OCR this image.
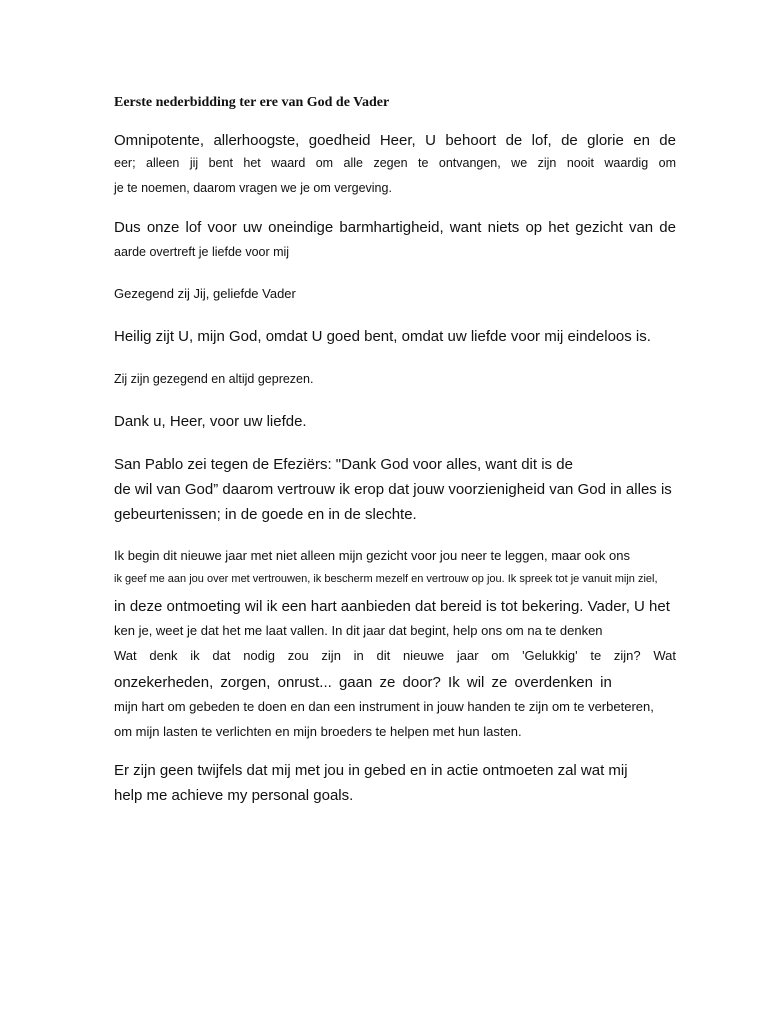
Eerste nederbidding ter ere van God de Vader
Omnipotente, allerhoogste, goedheid Heer, U behoort de lof, de glorie en de
eer; alleen jij bent het waard om alle zegen te ontvangen, we zijn nooit waardig om
je te noemen, daarom vragen we je om vergeving.
Dus onze lof voor uw oneindige barmhartigheid, want niets op het gezicht van de
aarde overtreft je liefde voor mij
Gezegend zij Jij, geliefde Vader
Heilig zijt U, mijn God, omdat U goed bent, omdat uw liefde voor mij eindeloos is.
Zij zijn gezegend en altijd geprezen.
Dank u, Heer, voor uw liefde.
San Pablo zei tegen de Efeziërs: "Dank God voor alles, want dit is de
de wil van God” daarom vertrouw ik erop dat jouw voorzienigheid van God in alles is
gebeurtenissen; in de goede en in de slechte.
Ik begin dit nieuwe jaar met niet alleen mijn gezicht voor jou neer te leggen, maar ook ons
ik geef me aan jou over met vertrouwen, ik bescherm mezelf en vertrouw op jou. Ik spreek tot je vanuit mijn ziel,
in deze ontmoeting wil ik een hart aanbieden dat bereid is tot bekering. Vader, U het
ken je, weet je dat het me laat vallen. In dit jaar dat begint, help ons om na te denken
Wat denk ik dat nodig zou zijn in dit nieuwe jaar om 'Gelukkig' te zijn? Wat
onzekerheden, zorgen, onrust... gaan ze door? Ik wil ze overdenken in
mijn hart om gebeden te doen en dan een instrument in jouw handen te zijn om te verbeteren,
om mijn lasten te verlichten en mijn broeders te helpen met hun lasten.
Er zijn geen twijfels dat mij met jou in gebed en in actie ontmoeten zal wat mij
help me achieve my personal goals.
